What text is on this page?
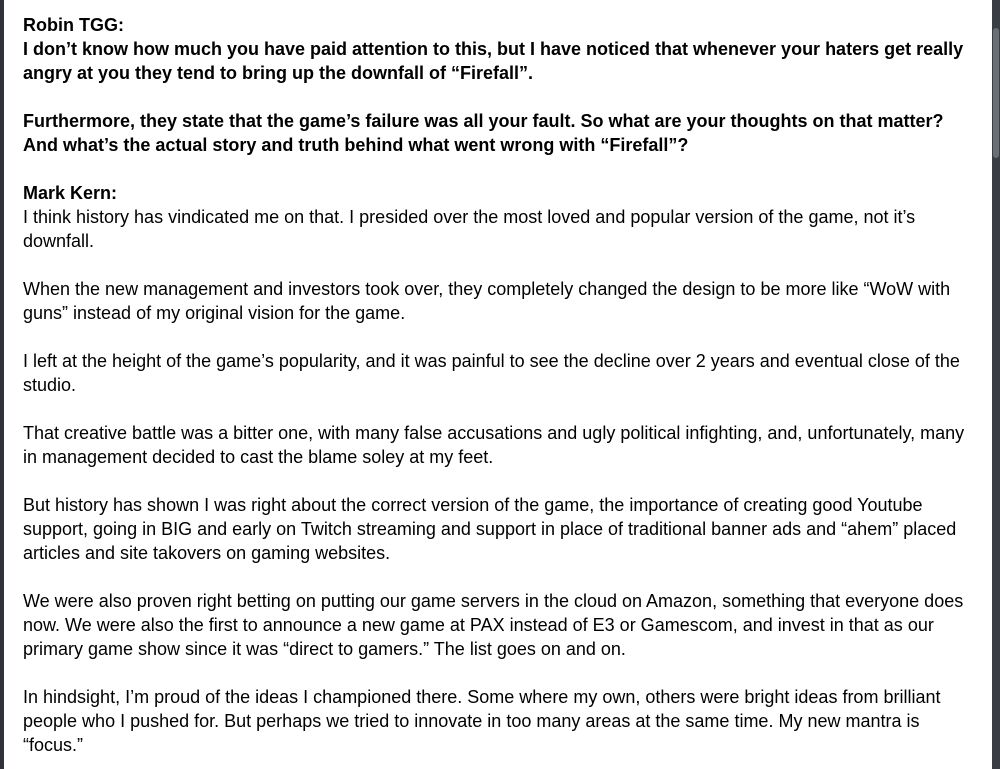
Robin TGG:
I don’t know how much you have paid attention to this, but I have noticed that whenever your haters get really angry at you they tend to bring up the downfall of “Firefall”.
Furthermore, they state that the game’s failure was all your fault. So what are your thoughts on that matter? And what’s the actual story and truth behind what went wrong with “Firefall”?
Mark Kern:
I think history has vindicated me on that. I presided over the most loved and popular version of the game, not it’s downfall.
When the new management and investors took over, they completely changed the design to be more like “WoW with guns” instead of my original vision for the game.
I left at the height of the game’s popularity, and it was painful to see the decline over 2 years and eventual close of the studio.
That creative battle was a bitter one, with many false accusations and ugly political infighting, and, unfortunately, many in management decided to cast the blame soley at my feet.
But history has shown I was right about the correct version of the game, the importance of creating good Youtube support, going in BIG and early on Twitch streaming and support in place of traditional banner ads and “ahem” placed articles and site takovers on gaming websites.
We were also proven right betting on putting our game servers in the cloud on Amazon, something that everyone does now. We were also the first to announce a new game at PAX instead of E3 or Gamescom, and invest in that as our primary game show since it was “direct to gamers.” The list goes on and on.
In hindsight, I’m proud of the ideas I championed there. Some where my own, others were bright ideas from brilliant people who I pushed for. But perhaps we tried to innovate in too many areas at the same time. My new mantra is “focus.”
